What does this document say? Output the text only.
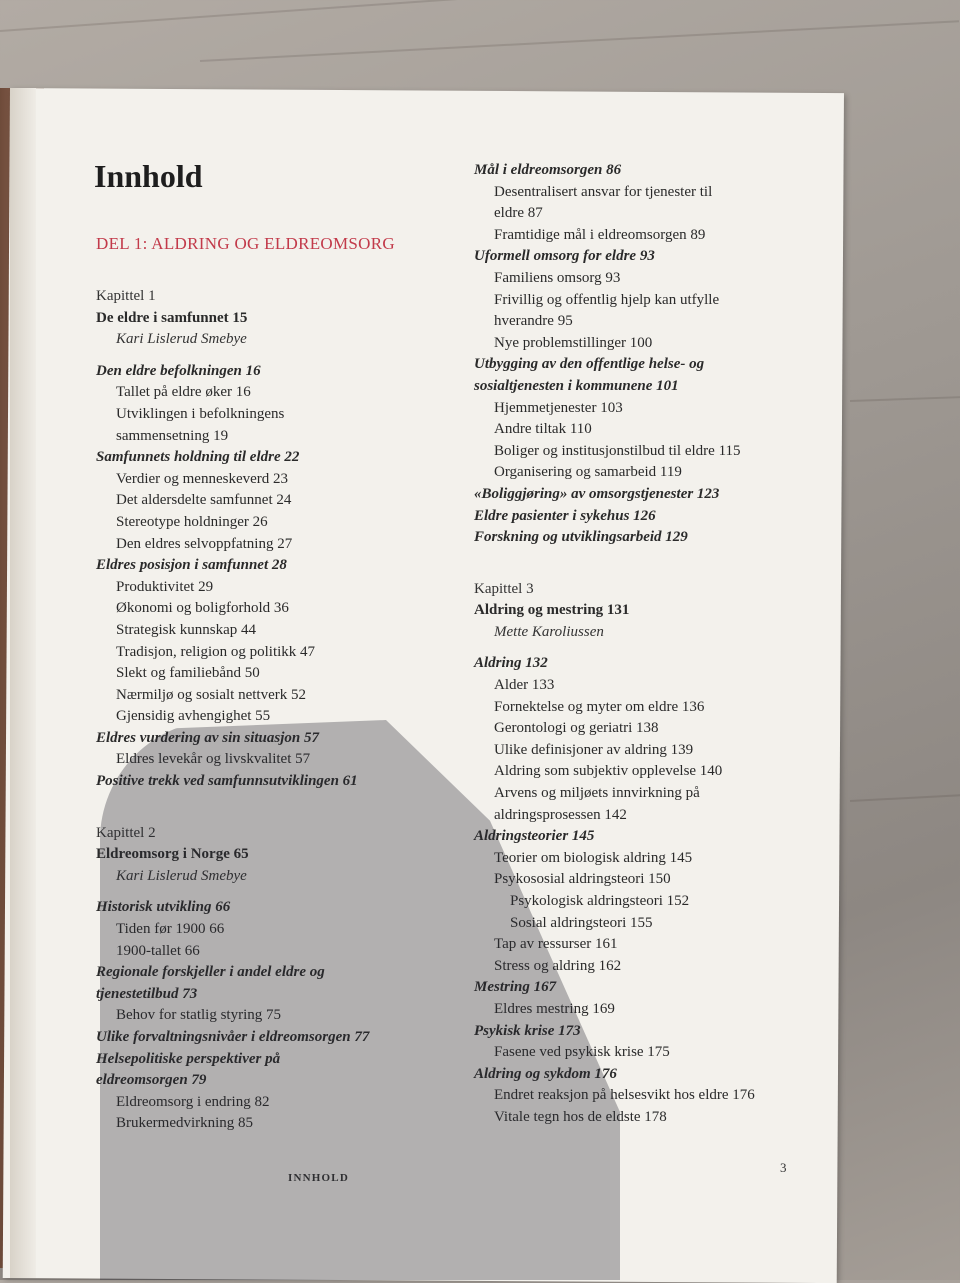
Innhold
DEL 1: ALDRING OG ELDREOMSORG
Kapittel 1
De eldre i samfunnet 15
Kari Lislerud Smebye
Den eldre befolkningen 16
Tallet på eldre øker 16
Utviklingen i befolkningens
sammensetning 19
Samfunnets holdning til eldre 22
Verdier og menneskeverd 23
Det aldersdelte samfunnet 24
Stereotype holdninger 26
Den eldres selvoppfatning 27
Eldres posisjon i samfunnet 28
Produktivitet 29
Økonomi og boligforhold 36
Strategisk kunnskap 44
Tradisjon, religion og politikk 47
Slekt og familiebånd 50
Nærmiljø og sosialt nettverk 52
Gjensidig avhengighet 55
Eldres vurdering av sin situasjon 57
Eldres levekår og livskvalitet 57
Positive trekk ved samfunnsutviklingen 61
Kapittel 2
Eldreomsorg i Norge 65
Kari Lislerud Smebye
Historisk utvikling 66
Tiden før 1900 66
1900-tallet 66
Regionale forskjeller i andel eldre og
tjenestetilbud 73
Behov for statlig styring 75
Ulike forvaltningsnivåer i eldreomsorgen 77
Helsepolitiske perspektiver på
eldreomsorgen 79
Eldreomsorg i endring 82
Brukermedvirkning 85
Mål i eldreomsorgen 86
Desentralisert ansvar for tjenester til
eldre 87
Framtidige mål i eldreomsorgen 89
Uformell omsorg for eldre 93
Familiens omsorg 93
Frivillig og offentlig hjelp kan utfylle
hverandre 95
Nye problemstillinger 100
Utbygging av den offentlige helse- og
sosialtjenesten i kommunene 101
Hjemmetjenester 103
Andre tiltak 110
Boliger og institusjonstilbud til eldre 115
Organisering og samarbeid 119
«Boliggjøring» av omsorgstjenester 123
Eldre pasienter i sykehus 126
Forskning og utviklingsarbeid 129
Kapittel 3
Aldring og mestring 131
Mette Karoliussen
Aldring 132
Alder 133
Fornektelse og myter om eldre 136
Gerontologi og geriatri 138
Ulike definisjoner av aldring 139
Aldring som subjektiv opplevelse 140
Arvens og miljøets innvirkning på
aldringsprosessen 142
Aldringsteorier 145
Teorier om biologisk aldring 145
Psykososial aldringsteori 150
Psykologisk aldringsteori 152
Sosial aldringsteori 155
Tap av ressurser 161
Stress og aldring 162
Mestring 167
Eldres mestring 169
Psykisk krise 173
Fasene ved psykisk krise 175
Aldring og sykdom 176
Endret reaksjon på helsesvikt hos eldre 176
Vitale tegn hos de eldste 178
INNHOLD
3
